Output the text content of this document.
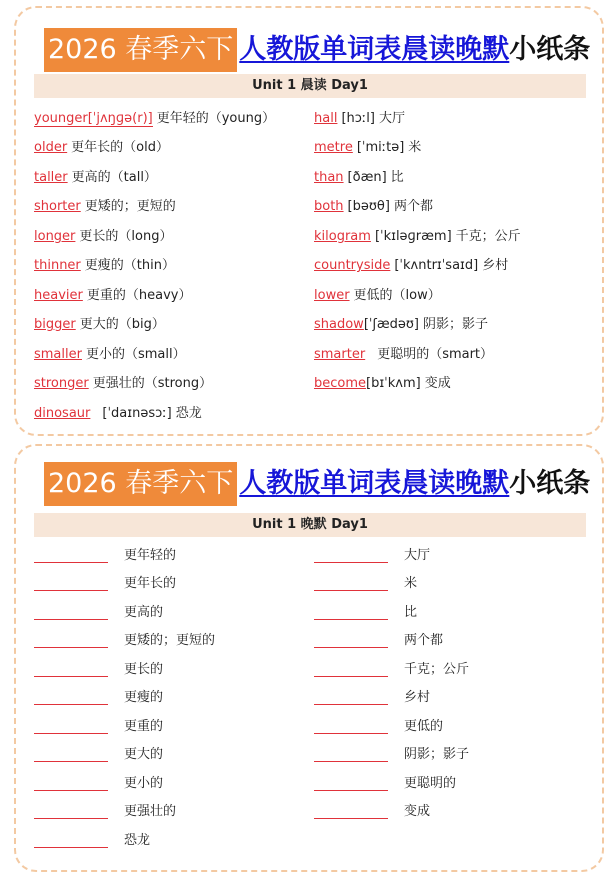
2026 春季六下 人教版单词表晨读晚默 小纸条
Unit 1 晨读 Day1
younger[ˈjʌŋɡə(r)] 更年轻的（young）
older 更年长的（old）
taller 更高的（tall）
shorter 更矮的；更短的
longer 更长的（long）
thinner 更瘦的（thin）
heavier 更重的（heavy）
bigger 更大的（big）
smaller 更小的（small）
stronger 更强壮的（strong）
dinosaur [ˈdaɪnəsɔː] 恐龙
hall [hɔːl] 大厅
metre [ˈmiːtə] 米
than [ðæn] 比
both [bəʊθ] 两个都
kilogram [ˈkɪləɡræm] 千克；公斤
countryside [ˈkʌntrɪˈsaɪd] 乡村
lower 更低的（low）
shadow[ˈʃædəʊ] 阴影；影子
smarter 更聪明的（smart）
become[bɪˈkʌm] 变成
2026 春季六下 人教版单词表晨读晚默 小纸条
Unit 1 晚默 Day1
更年轻的
更年长的
更高的
更矮的；更短的
更长的
更瘦的
更重的
更大的
更小的
更强壮的
恐龙
大厅
米
比
两个都
千克；公斤
乡村
更低的
阴影；影子
更聪明的
变成
